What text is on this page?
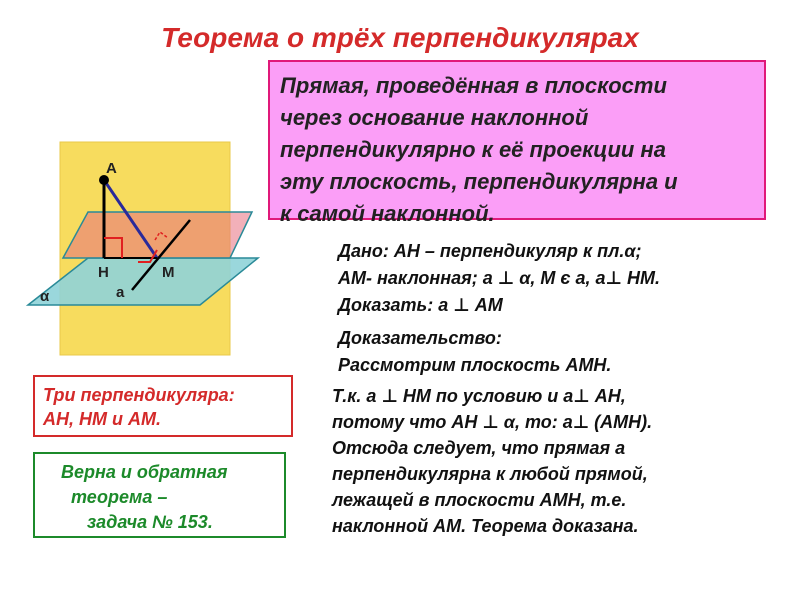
Теорема о трёх перпендикулярах
А
Н	М
а
α
Прямая, проведённая в плоскости
через основание наклонной
перпендикулярно к её проекции на
эту плоскость, перпендикулярна и
к самой наклонной.
Дано: АН – перпендикуляр к пл.α;
АМ- наклонная; а ⊥ α, М є а, а⊥ НМ.
Доказать: а ⊥ АМ
Доказательство:
Рассмотрим плоскость АМН.
Т.к. а ⊥ НМ по условию и а⊥ АН,
потому что АН ⊥ α, то: а⊥ (АМН).
Отсюда следует, что прямая а
перпендикулярна к любой прямой,
лежащей в плоскости АМН, т.е.
наклонной АМ. Теорема доказана.
Три перпендикуляра:
АН, НМ и АМ.
Верна и обратная
теорема –
задача № 153.
